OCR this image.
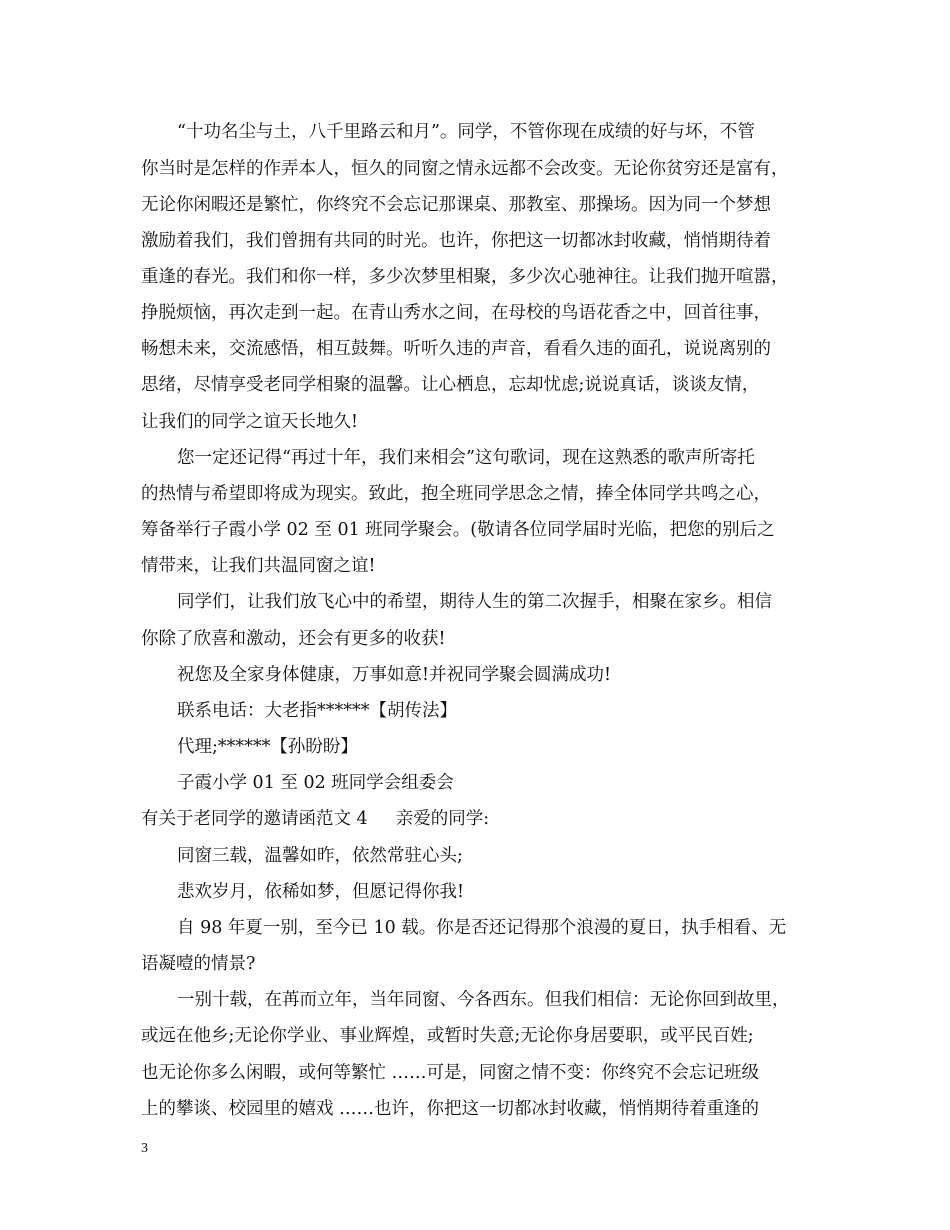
“十功名尘与土，八千里路云和月”。同学，不管你现在成绩的好与坏，不管
你当时是怎样的作弄本人，恒久的同窗之情永远都不会改变。无论你贫穷还是富有，
无论你闲暇还是繁忙，你终究不会忘记那课桌、那教室、那操场。因为同一个梦想
激励着我们，我们曾拥有共同的时光。也许，你把这一切都冰封收藏，悄悄期待着
重逢的春光。我们和你一样，多少次梦里相聚，多少次心驰神往。让我们抛开喧嚣，
挣脱烦恼，再次走到一起。在青山秀水之间，在母校的鸟语花香之中，回首往事，
畅想未来，交流感悟，相互鼓舞。听听久违的声音，看看久违的面孔，说说离别的
思绪，尽情享受老同学相聚的温馨。让心栖息，忘却忧虑;说说真话，谈谈友情，
让我们的同学之谊天长地久!
您一定还记得“再过十年，我们来相会”这句歌词，现在这熟悉的歌声所寄托
的热情与希望即将成为现实。致此，抱全班同学思念之情，捧全体同学共鸣之心，
筹备举行子霞小学 02 至 01 班同学聚会。(敬请各位同学届时光临，把您的别后之
情带来，让我们共温同窗之谊!
同学们，让我们放飞心中的希望，期待人生的第二次握手，相聚在家乡。相信
你除了欣喜和激动，还会有更多的收获!
祝您及全家身体健康，万事如意!并祝同学聚会圆满成功!
联系电话：大老指******【胡传法】
代理;******【孙盼盼】
子霞小学 01 至 02 班同学会组委会
有关于老同学的邀请函范文 4 亲爱的同学:
同窗三载，温馨如昨，依然常驻心头;
悲欢岁月，依稀如梦，但愿记得你我!
自 98 年夏一别，至今已 10 载。你是否还记得那个浪漫的夏日，执手相看、无
语凝噎的情景?
一别十载，在苒而立年，当年同窗、今各西东。但我们相信：无论你回到故里，
或远在他乡;无论你学业、事业辉煌，或暂时失意;无论你身居要职，或平民百姓;
也无论你多么闲暇，或何等繁忙 ……可是，同窗之情不变：你终究不会忘记班级
上的攀谈、校园里的嬉戏 ……也许，你把这一切都冰封收藏，悄悄期待着重逢的
3
